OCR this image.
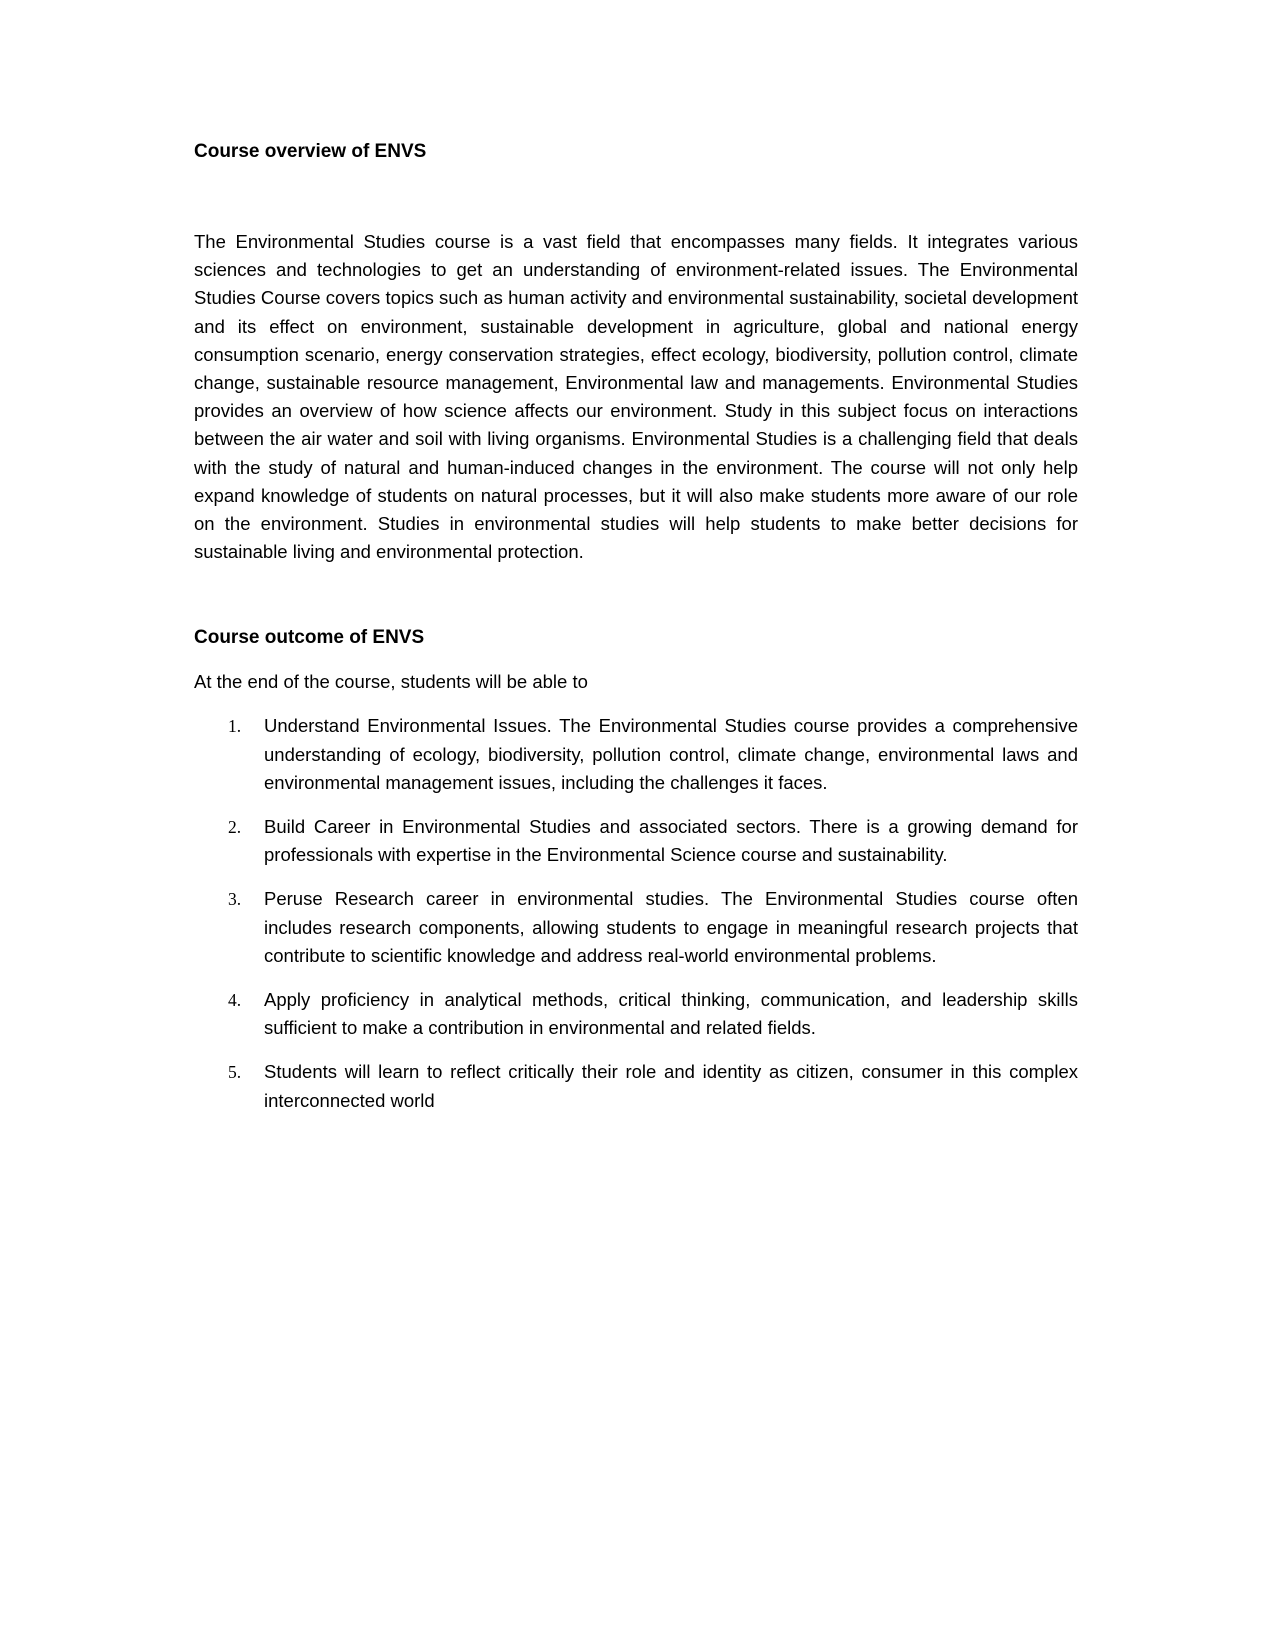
Course overview of ENVS

The Environmental Studies course is a vast field that encompasses many fields. It integrates various sciences and technologies to get an understanding of environment-related issues. The Environmental Studies Course covers topics such as human activity and environmental sustainability, societal development and its effect on environment, sustainable development in agriculture, global and national energy consumption scenario, energy conservation strategies, effect ecology, biodiversity, pollution control, climate change, sustainable resource management, Environmental law and managements. Environmental Studies provides an overview of how science affects our environment. Study in this subject focus on interactions between the air water and soil with living organisms. Environmental Studies is a challenging field that deals with the study of natural and human-induced changes in the environment. The course will not only help expand knowledge of students on natural processes, but it will also make students more aware of our role on the environment. Studies in environmental studies will help students to make better decisions for sustainable living and environmental protection.

Course outcome of ENVS

At the end of the course, students will be able to

1. Understand Environmental Issues. The Environmental Studies course provides a comprehensive understanding of ecology, biodiversity, pollution control, climate change, environmental laws and environmental management issues, including the challenges it faces.
2. Build Career in Environmental Studies and associated sectors. There is a growing demand for professionals with expertise in the Environmental Science course and sustainability.
3. Peruse Research career in environmental studies. The Environmental Studies course often includes research components, allowing students to engage in meaningful research projects that contribute to scientific knowledge and address real-world environmental problems.
4. Apply proficiency in analytical methods, critical thinking, communication, and leadership skills sufficient to make a contribution in environmental and related fields.
5. Students will learn to reflect critically their role and identity as citizen, consumer in this complex interconnected world
